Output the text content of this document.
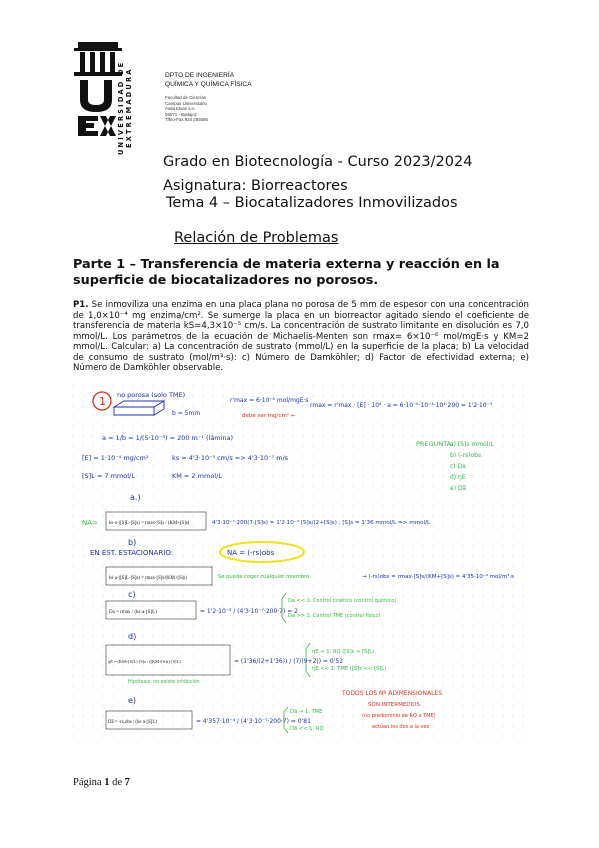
UNIVERSIDAD DE EXTREMADURA	DPTO DE INGENIERÍA
QUÍMICA Y QUÍMICA FÍSICA
Facultad de Ciencias
Campus Universitario
Avda Elvas s.n.
06071 - Badajoz
Tlfno-Fax 924 289385
Grado en Biotecnología - Curso 2023/2024
Asignatura: Biorreactores
Tema 4 – Biocatalizadores Inmovilizados
Relación de Problemas
Parte 1 – Transferencia de materia externa y reacción en la superficie de biocatalizadores no porosos.
P1. Se inmoviliza una enzima en una placa plana no porosa de 5 mm de espesor con una concentración de 1,0×10⁻⁴ mg enzima/cm². Se sumerge la placa en un biorreactor agitado siendo el coeficiente de transferencia de materia kS=4,3×10⁻⁵ cm/s. La concentración de sustrato limitante en disolución es 7,0 mmol/L. Los parámetros de la ecuación de Michaelis-Menten son rmax= 6×10⁻⁶ mol/mgE·s y KM=2 mmol/L. Calcular: a) La concentración de sustrato (mmol/L) en la superficie de la placa; b) La velocidad de consumo de sustrato (mol/m³·s): c) Número de Damköhler; d) Factor de efectividad externa; e) Número de Damköhler observable.
1 no porosa (solo TME)
b = 5mm
r'max = 6·10⁻⁶ mol/mgE·s
rmax = r'max · [E] · 10⁴ · a = 6·10⁻⁶·10⁻⁴·10⁴·200 = 1'2·10⁻³
debe ser mg/cm² ←
a = 1/b = 1/(5·10⁻³) = 200 m⁻¹ (lámina)
[E] = 1·10⁻⁴ mg/cm²	ks = 4'3·10⁻⁵ cm/s => 4'3·10⁻⁷ m/s
[S]L = 7 mmol/L	KM = 2 mmol/L
PREGUNTA:
a) [S]s mmol/L
b) (-rs)obs
c) Da
d) ηE
e) Da̅
a.)
NA= ks·a·([S]L-[S]s) = rmax·[S]s / (KM+[S]s)	4'3·10⁻⁷·200(7-[S]s) = 1'2·10⁻³ [S]s/(2+[S]s) ; [S]s = 1'36 mmol/L => mmol/L
b)
EN EST. ESTACIONARIO:	NA = (-rs)obs
ks·a·([S]L-[S]s) = rmax·[S]s/(KM+[S]s)	Se puede coger cualquier miembro	→ (-rs)obs = rmax·[S]s/(KM+[S]s) = 4'35·10⁻⁴ mol/m³·s
c)
Da = rmax / (ks·a·[S]L)	= 1'2·10⁻³ / (4'3·10⁻⁷·200·7) ≈ 2
Da << 1: Control cinético (control químico)
Da >> 1: Control TME (control físico)
d)
ηE = (KM+[S]L)·[S]s / ((KM+[S]s)·[S]L)	= (1'36/(2+1'36)) / (7/(9+2)) = 0'52
ηE ≈ 1: RQ ([S]s ≈ [S]L)
ηE << 1: TME ([S]s << [S]L)
Hipótesis: no existe inhibición
TODOS LOS Nº ADIMENSIONALES
SON INTERMEDIOS
(no predominio de RQ o TME)
actúan los dos a la vez
e)
Da̅ = -rs,obs / (ks·a·[S]L)	= 4'357·10⁻⁴ / (4'3·10⁻⁷·200·7) = 0'81
Da̅ → 1: TME
Da̅ << 1: RQ
Página 1 de 7
